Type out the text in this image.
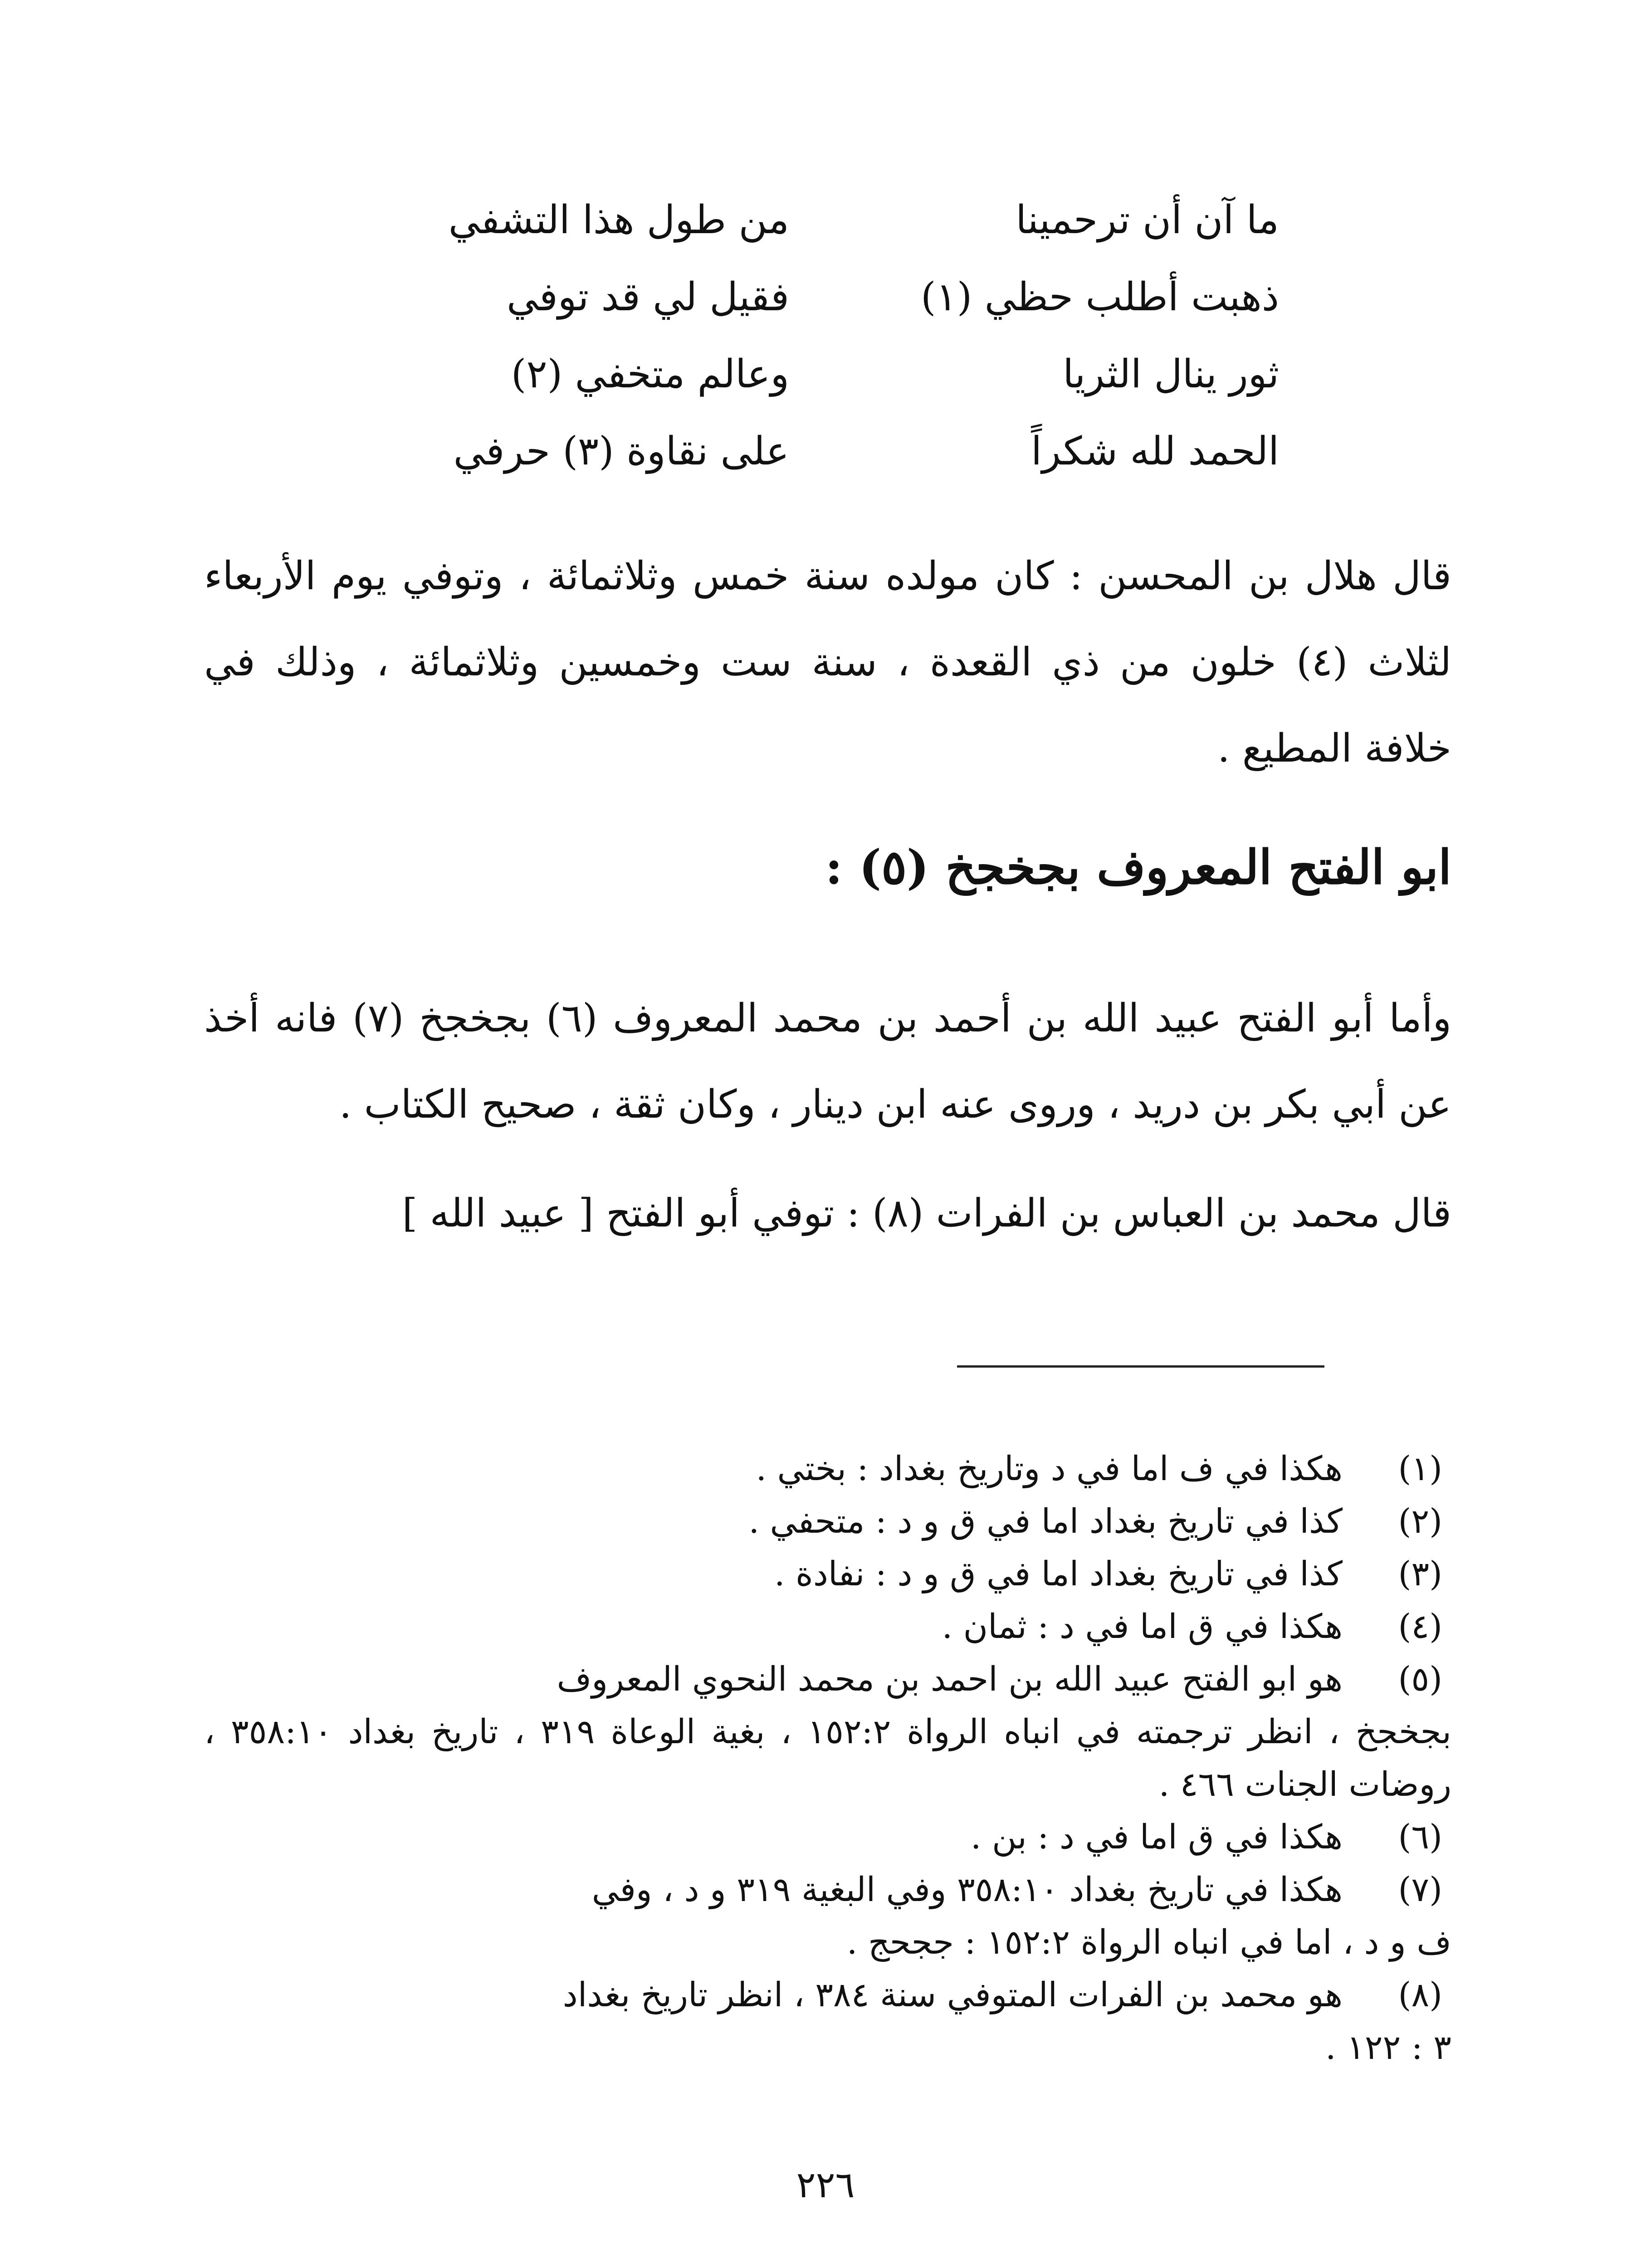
ما آن أن ترحمينا
من طول هذا التشفي
ذهبت أطلب حظي (١)
فقيل لي قد توفي
ثور ينال الثريا
وعالم متخفي (٢)
الحمد لله شكراً
على نقاوة (٣) حرفي
قال هلال بن المحسن : كان مولده سنة خمس وثلاثمائة ، وتوفي يوم الأربعاء لثلاث (٤) خلون من ذي القعدة ، سنة ست وخمسين وثلاثمائة ، وذلك في خلافة المطيع .
ابو الفتح المعروف بجخجخ (٥) :
وأما أبو الفتح عبيد الله بن أحمد بن محمد المعروف (٦) بجخجخ (٧) فانه أخذ عن أبي بكر بن دريد ، وروى عنه ابن دينار ، وكان ثقة ، صحيح الكتاب .
قال محمد بن العباس بن الفرات (٨) : توفي أبو الفتح [ عبيد الله ]
(١)
هكذا في ف اما في د وتاريخ بغداد : بختي .
(٢)
كذا في تاريخ بغداد اما في ق و د : متحفي .
(٣)
كذا في تاريخ بغداد اما في ق و د : نفادة .
(٤)
هكذا في ق اما في د : ثمان .
(٥)
هو ابو الفتح عبيد الله بن احمد بن محمد النحوي المعروف
بجخجخ ، انظر ترجمته في انباه الرواة ١٥٢:٢ ، بغية الوعاة ٣١٩ ، تاريخ بغداد ٣٥٨:١٠ ، روضات الجنات ٤٦٦ .
(٦)
هكذا في ق اما في د : بن .
(٧)
هكذا في تاريخ بغداد ٣٥٨:١٠ وفي البغية ٣١٩ و د ، وفي
ف و د ، اما في انباه الرواة ١٥٢:٢ : ججحج .
(٨)
هو محمد بن الفرات المتوفي سنة ٣٨٤ ، انظر تاريخ بغداد
٣ : ١٢٢ .
٢٢٦
